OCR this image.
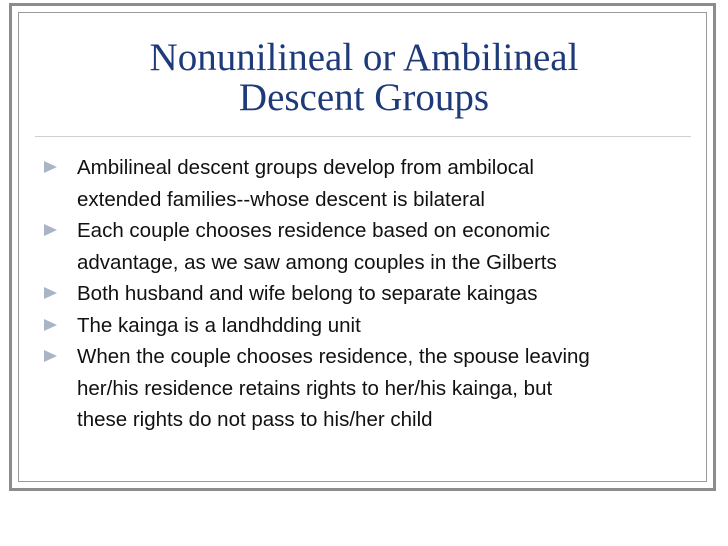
Nonunilineal or Ambilineal
Descent Groups
Ambilineal descent groups develop from ambilocal
extended families--whose descent is bilateral
Each couple chooses residence based on economic
advantage, as we saw among couples in the Gilberts
Both husband and wife belong to separate kaingas
The kainga is a landhdding unit
When the couple chooses residence, the spouse leaving
her/his residence retains rights to her/his kainga, but
these rights do not pass to his/her child
